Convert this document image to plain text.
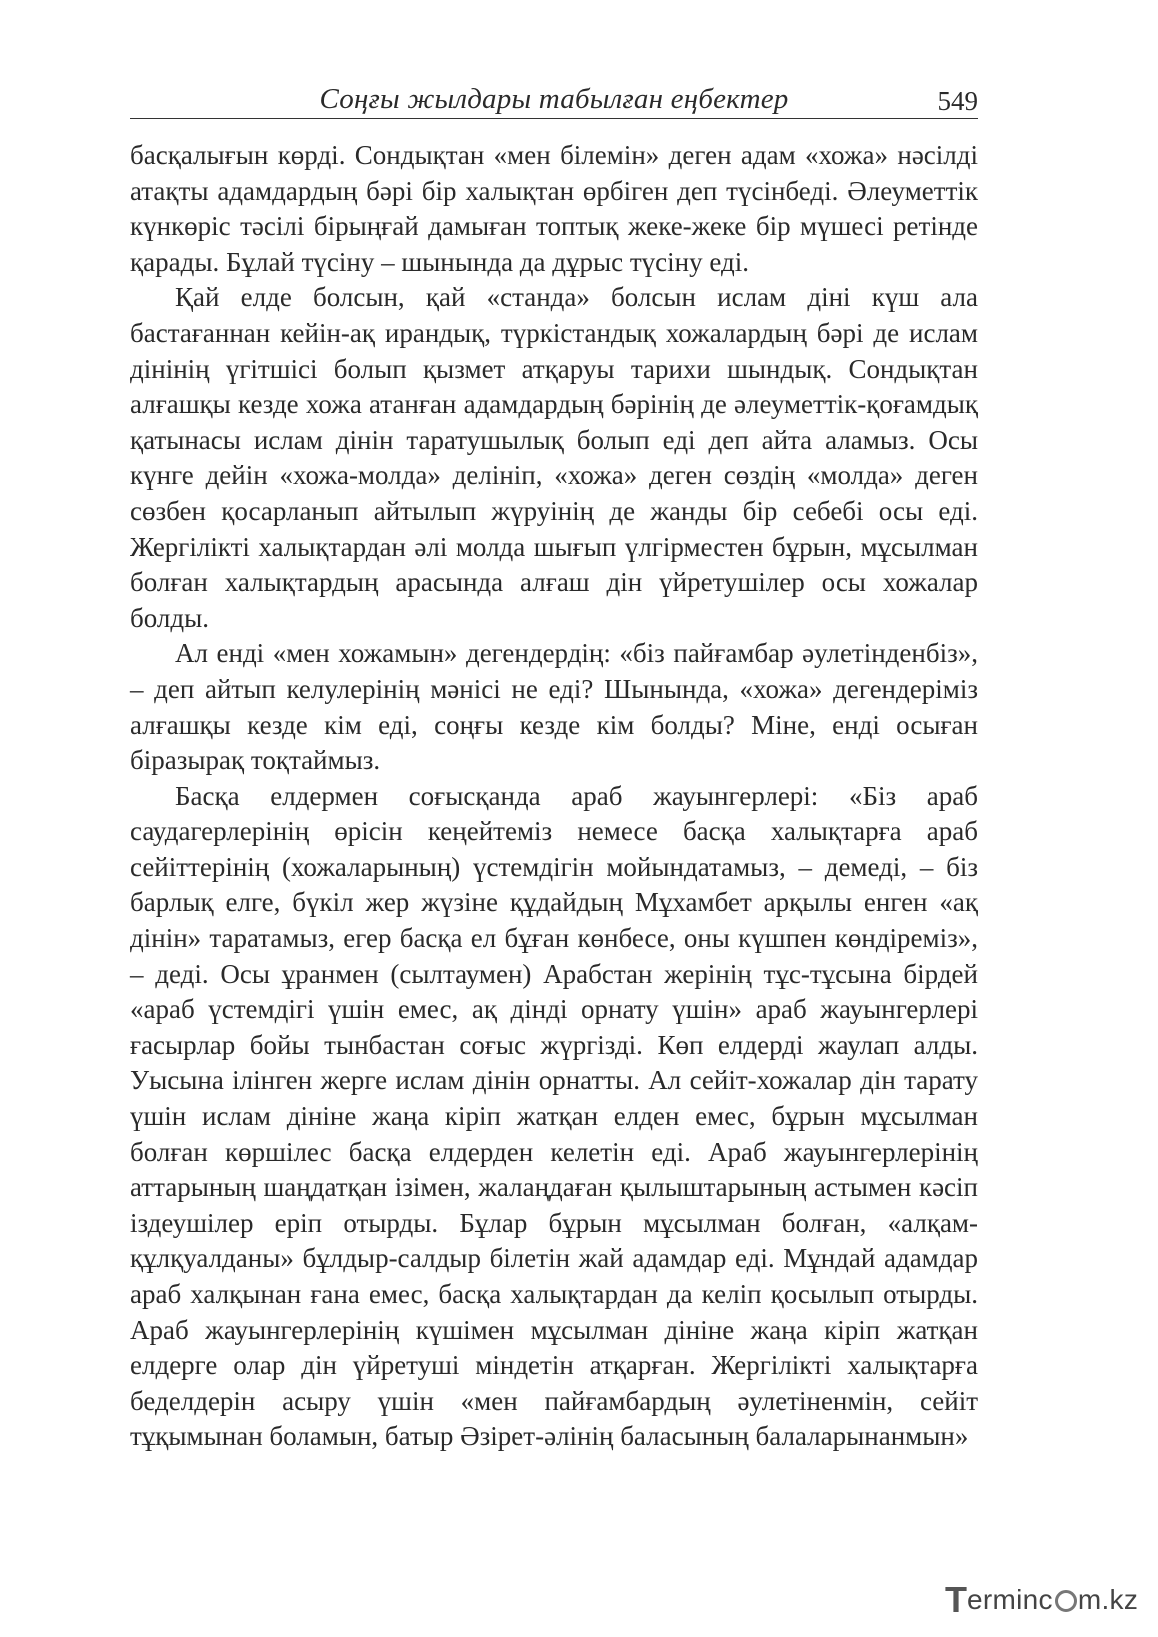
Соңғы жылдары табылған еңбектер	549

басқалығын көрді. Сондықтан «мен білемін» деген адам «хожа» нәсілді атақты адамдардың бәрі бір халықтан өрбіген деп түсінбеді. Әлеуметтік күнкөріс тәсілі бірыңғай дамыған топтық жеке-жеке бір мүшесі ретінде қарады. Бұлай түсіну – шынында да дұрыс түсіну еді.

Қай елде болсын, қай «станда» болсын ислам діні күш ала бастағаннан кейін-ақ ирандық, түркістандық хожалардың бәрі де ислам дінінің үгітшісі болып қызмет атқаруы тарихи шындық. Сондықтан алғашқы кезде хожа атанған адамдардың бәрінің де әлеуметтік-қоғамдық қатынасы ислам дінін таратушылық болып еді деп айта аламыз. Осы күнге дейін «хожа-молда» делініп, «хожа» деген сөздің «молда» деген сөзбен қосарланып айтылып жүруінің де жанды бір себебі осы еді. Жергілікті халықтардан әлі молда шығып үлгірместен бұрын, мұсылман болған халықтардың арасында алғаш дін үйретушілер осы хожалар болды.

Ал енді «мен хожамын» дегендердің: «біз пайғамбар әулетінденбіз», – деп айтып келулерінің мәнісі не еді? Шынында, «хожа» дегендеріміз алғашқы кезде кім еді, соңғы кезде кім болды? Міне, енді осыған біразырақ тоқтаймыз.

Басқа елдермен соғысқанда араб жауынгерлері: «Біз араб саудагерлерінің өрісін кеңейтеміз немесе басқа халықтарға араб сейіттерінің (хожаларының) үстемдігін мойындатамыз, – демеді, – біз барлық елге, бүкіл жер жүзіне құдайдың Мұхамбет арқылы енген «ақ дінін» таратамыз, егер басқа ел бұған көнбесе, оны күшпен көндіреміз», – деді. Осы ұранмен (сылтаумен) Арабстан жерінің тұс-тұсына бірдей «араб үстемдігі үшін емес, ақ дінді орнату үшін» араб жауынгерлері ғасырлар бойы тынбастан соғыс жүргізді. Көп елдерді жаулап алды. Уысына ілінген жерге ислам дінін орнатты. Ал сейіт-хожалар дін тарату үшін ислам дініне жаңа кіріп жатқан елден емес, бұрын мұсылман болған көршілес басқа елдерден келетін еді. Араб жауынгерлерінің аттарының шаңдатқан ізімен, жалаңдаған қылыштарының астымен кәсіп іздеушілер еріп отырды. Бұлар бұрын мұсылман болған, «алқам-құлқуалданы» бұлдыр-салдыр білетін жай адамдар еді. Мұндай адамдар араб халқынан ғана емес, басқа халықтардан да келіп қосылып отырды. Араб жауынгерлерінің күшімен мұсылман дініне жаңа кіріп жатқан елдерге олар дін үйретуші міндетін атқарған. Жергілікті халықтарға беделдерін асыру үшін «мен пайғамбардың әулетіненмін, сейіт тұқымынан боламын, батыр Әзірет-әлінің баласының балаларынанмын»

T erminc m.kz
